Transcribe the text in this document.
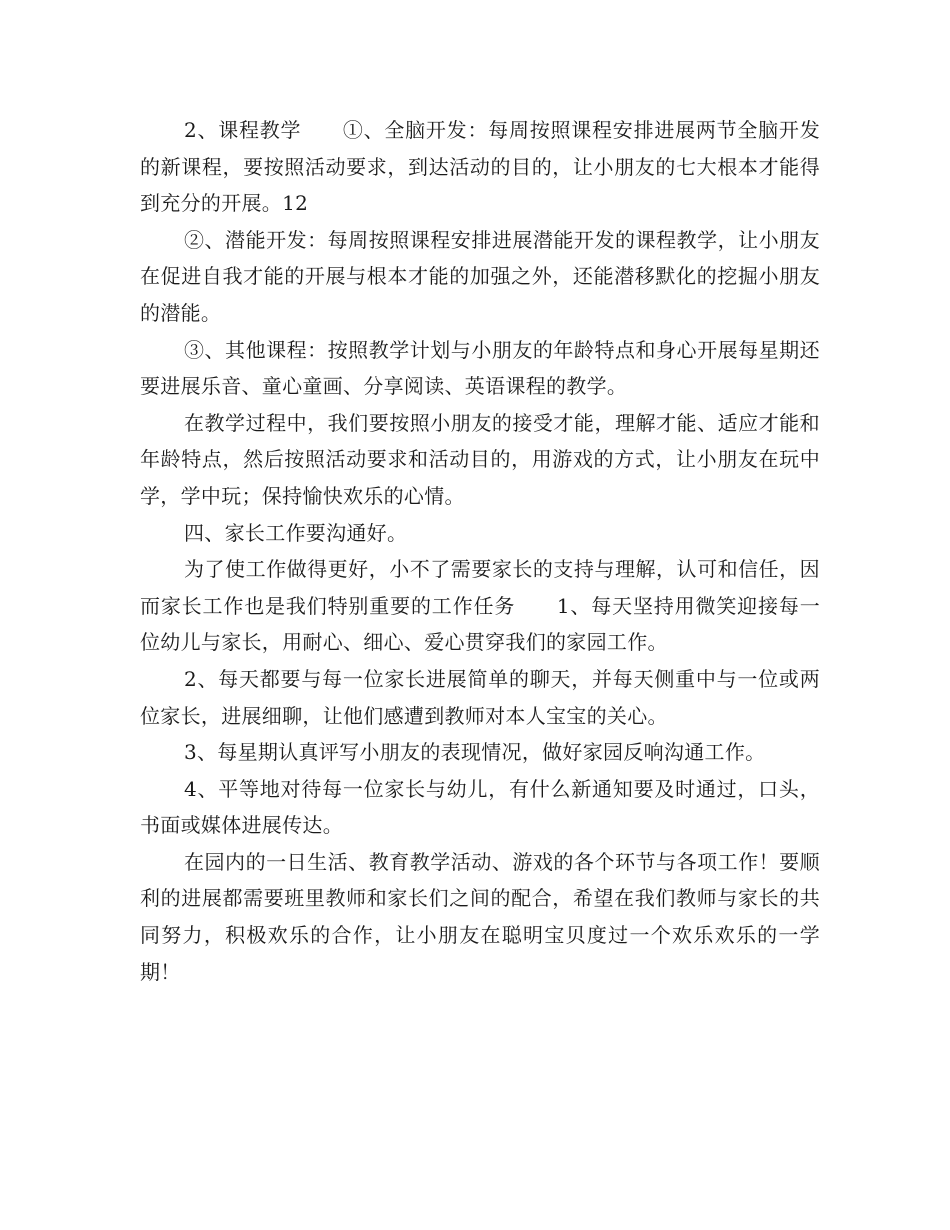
2、课程教学　　①、全脑开发：每周按照课程安排进展两节全脑开发的新课程，要按照活动要求，到达活动的目的，让小朋友的七大根本才能得到充分的开展。12

②、潜能开发：每周按照课程安排进展潜能开发的课程教学，让小朋友在促进自我才能的开展与根本才能的加强之外，还能潜移默化的挖掘小朋友的潜能。

③、其他课程：按照教学计划与小朋友的年龄特点和身心开展每星期还要进展乐音、童心童画、分享阅读、英语课程的教学。

在教学过程中，我们要按照小朋友的接受才能，理解才能、适应才能和年龄特点，然后按照活动要求和活动目的，用游戏的方式，让小朋友在玩中学，学中玩；保持愉快欢乐的心情。

四、家长工作要沟通好。

为了使工作做得更好，小不了需要家长的支持与理解，认可和信任，因而家长工作也是我们特别重要的工作任务　　1、每天坚持用微笑迎接每一位幼儿与家长，用耐心、细心、爱心贯穿我们的家园工作。

2、每天都要与每一位家长进展简单的聊天，并每天侧重中与一位或两位家长，进展细聊，让他们感遭到教师对本人宝宝的关心。

3、每星期认真评写小朋友的表现情况，做好家园反响沟通工作。

4、平等地对待每一位家长与幼儿，有什么新通知要及时通过，口头，书面或媒体进展传达。

在园内的一日生活、教育教学活动、游戏的各个环节与各项工作！要顺利的进展都需要班里教师和家长们之间的配合，希望在我们教师与家长的共同努力，积极欢乐的合作，让小朋友在聪明宝贝度过一个欢乐欢乐的一学期！
